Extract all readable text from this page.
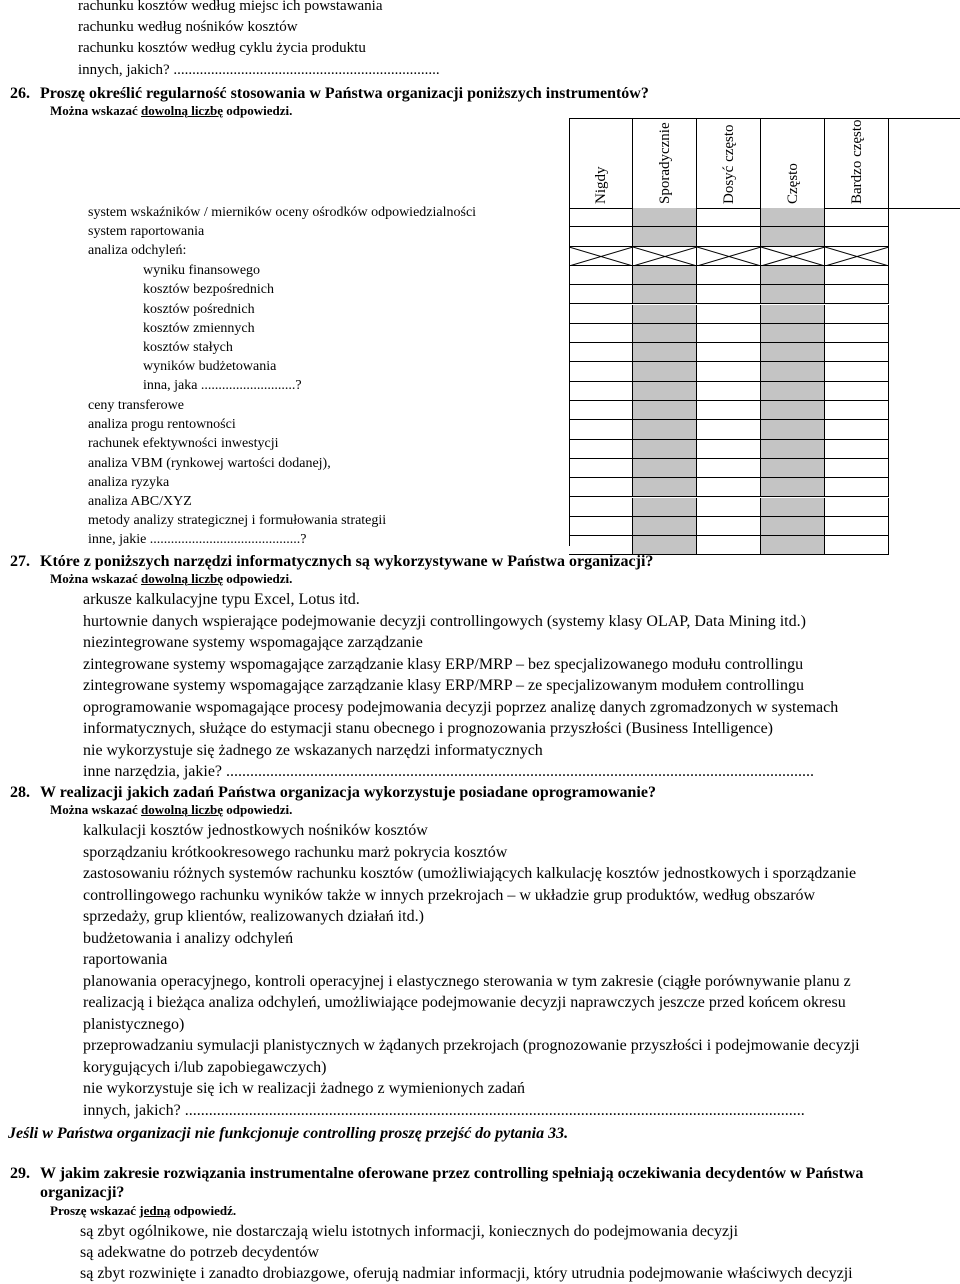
rachunku kosztów według miejsc ich powstawania
rachunku według nośników kosztów
rachunku kosztów według cyklu życia produktu
innych, jakich? .......................................................................
26. Proszę określić regularność stosowania w Państwa organizacji poniższych instrumentów?
Można wskazać dowolną liczbę odpowiedzi.
system wskaźników / mierników oceny ośrodków odpowiedzialności
system raportowania
analiza odchyleń:
wyniku finansowego
kosztów bezpośrednich
kosztów pośrednich
kosztów zmiennych
kosztów stałych
wyników budżetowania
inna, jaka ...........................?
ceny transferowe
analiza progu rentowności
rachunek efektywności inwestycji
analiza VBM (rynkowej wartości dodanej),
analiza ryzyka
analiza ABC/XYZ
metody analizy strategicznej i formułowania strategii
inne, jakie ...........................................?
Nigdy	Sporadycznie	Dosyć często	Często	Bardzo często
27. Które z poniższych narzędzi informatycznych są wykorzystywane w Państwa organizacji?
Można wskazać dowolną liczbę odpowiedzi.
arkusze kalkulacyjne typu Excel, Lotus itd.
hurtownie danych wspierające podejmowanie decyzji controllingowych (systemy klasy OLAP, Data Mining itd.)
niezintegrowane systemy wspomagające zarządzanie
zintegrowane systemy wspomagające zarządzanie klasy ERP/MRP – bez specjalizowanego modułu controllingu
zintegrowane systemy wspomagające zarządzanie klasy ERP/MRP – ze specjalizowanym modułem controllingu
oprogramowanie wspomagające procesy podejmowania decyzji poprzez analizę danych zgromadzonych w systemach
informatycznych, służące do estymacji stanu obecnego i prognozowania przyszłości (Business Intelligence)
nie wykorzystuje się żadnego ze wskazanych narzędzi informatycznych
inne narzędzia, jakie? ...................................................................................................................................................
28. W realizacji jakich zadań Państwa organizacja wykorzystuje posiadane oprogramowanie?
Można wskazać dowolną liczbę odpowiedzi.
kalkulacji kosztów jednostkowych nośników kosztów
sporządzaniu krótkookresowego rachunku marż pokrycia kosztów
zastosowaniu różnych systemów rachunku kosztów (umożliwiających kalkulację kosztów jednostkowych i sporządzanie
controllingowego rachunku wyników także w innych przekrojach – w układzie grup produktów, według obszarów
sprzedaży, grup klientów, realizowanych działań itd.)
budżetowania i analizy odchyleń
raportowania
planowania operacyjnego, kontroli operacyjnej i elastycznego sterowania w tym zakresie (ciągłe porównywanie planu z
realizacją i bieżąca analiza odchyleń, umożliwiające podejmowanie decyzji naprawczych jeszcze przed końcem okresu
planistycznego)
przeprowadzaniu symulacji planistycznych w żądanych przekrojach (prognozowanie przyszłości i podejmowanie decyzji
korygujących i/lub zapobiegawczych)
nie wykorzystuje się ich w realizacji żadnego z wymienionych zadań
innych, jakich? ...........................................................................................................................................................
Jeśli w Państwa organizacji nie funkcjonuje controlling proszę przejść do pytania 33.
29. W jakim zakresie rozwiązania instrumentalne oferowane przez controlling spełniają oczekiwania decydentów w Państwa
organizacji?
Proszę wskazać jedną odpowiedź.
są zbyt ogólnikowe, nie dostarczają wielu istotnych informacji, koniecznych do podejmowania decyzji
są adekwatne do potrzeb decydentów
są zbyt rozwinięte i zanadto drobiazgowe, oferują nadmiar informacji, który utrudnia podejmowanie właściwych decyzji
